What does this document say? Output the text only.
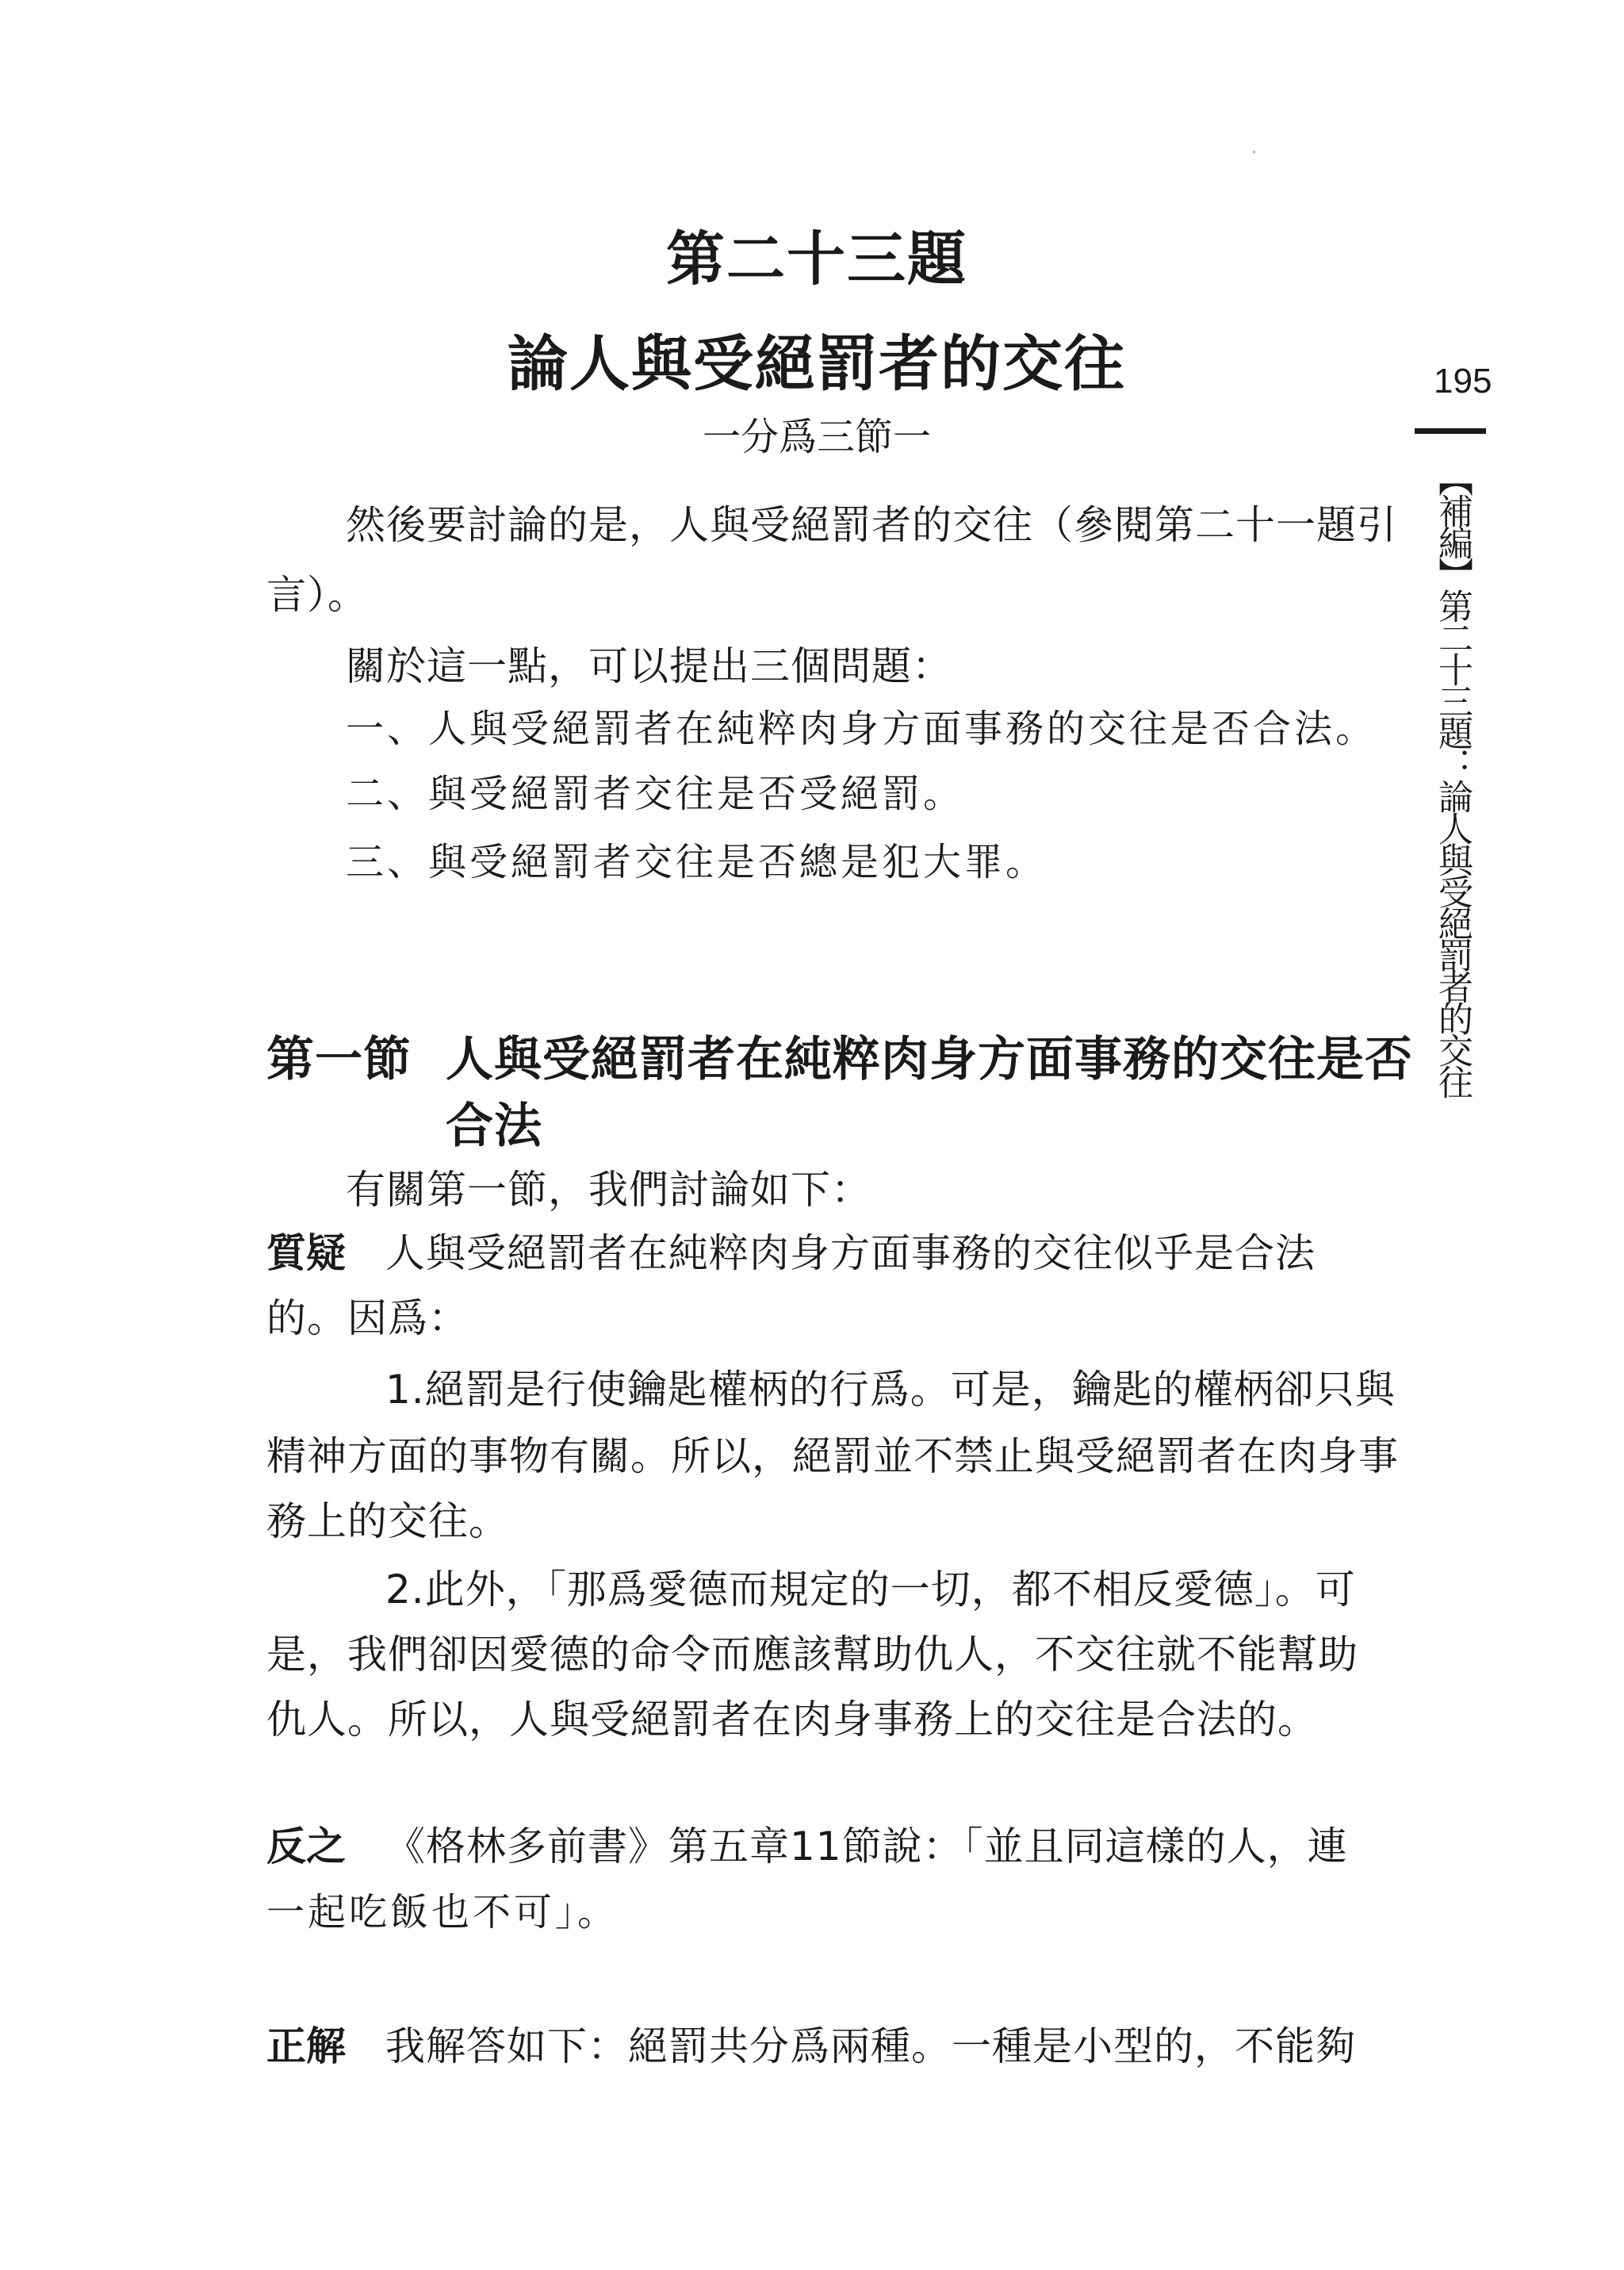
第二十三題
論人與受絕罰者的交往
一分爲三節一
195
【補編】第二十三題：論人與受絕罰者的交往
然後要討論的是，人與受絕罰者的交往（參閱第二十一題引
言）。
關於這一點，可以提出三個問題：
一、人與受絕罰者在純粹肉身方面事務的交往是否合法。
二、與受絕罰者交往是否受絕罰。
三、與受絕罰者交往是否總是犯大罪。
第一節 人與受絕罰者在純粹肉身方面事務的交往是否
合法
有關第一節，我們討論如下：
質疑 人與受絕罰者在純粹肉身方面事務的交往似乎是合法
的。因爲：
1.絕罰是行使鑰匙權柄的行爲。可是，鑰匙的權柄卻只與
精神方面的事物有關。所以，絕罰並不禁止與受絕罰者在肉身事
務上的交往。
2.此外，「那爲愛德而規定的一切，都不相反愛德」。可
是，我們卻因愛德的命令而應該幫助仇人，不交往就不能幫助
仇人。所以，人與受絕罰者在肉身事務上的交往是合法的。
反之 《格林多前書》第五章11節說：「並且同這樣的人，連
一起吃飯也不可」。
正解 我解答如下：絕罰共分爲兩種。一種是小型的，不能夠
